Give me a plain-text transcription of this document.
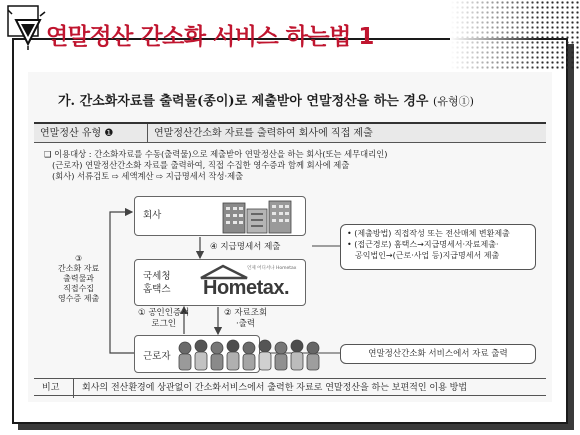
연말정산 간소화 서비스 하는법 1
가. 간소화자료를 출력물(종이)로 제출받아 연말정산을 하는 경우 (유형①)
연말정산 유형 ❶	연말정산간소화 자료를 출력하여 회사에 직접 제출
❑ 이용대상 : 간소화자료를 수동(출력물)으로 제출받아 연말정산을 하는 회사(또는 세무대리인)
(근로자) 연말정산간소화 자료를 출력하여, 직접 수집한 영수증과 함께 회사에 제출
(회사) 서류검토 ⇨ 세액계산 ⇨ 지급명세서 작성·제출
회사
④ 지급명세서 제출
국세청
홈택스
언제 어디서나 Hometax
Hometax.
③
간소화 자료
출력물과
직접수집
영수증 제출
① 공인인증서
로그인
② 자료조회
·출력
근로자
• (제출방법) 직접작성 또는 전산매체 변환제출
• (접근경로) 홈택스→지급명세서·자료제출·
공익법인→(근로·사업 등)지급명세서 제출
연말정산간소화 서비스에서 자료 출력
비고	회사의 전산환경에 상관없이 간소화서비스에서 출력한 자료로 연말정산을 하는 보편적인 이용 방법
